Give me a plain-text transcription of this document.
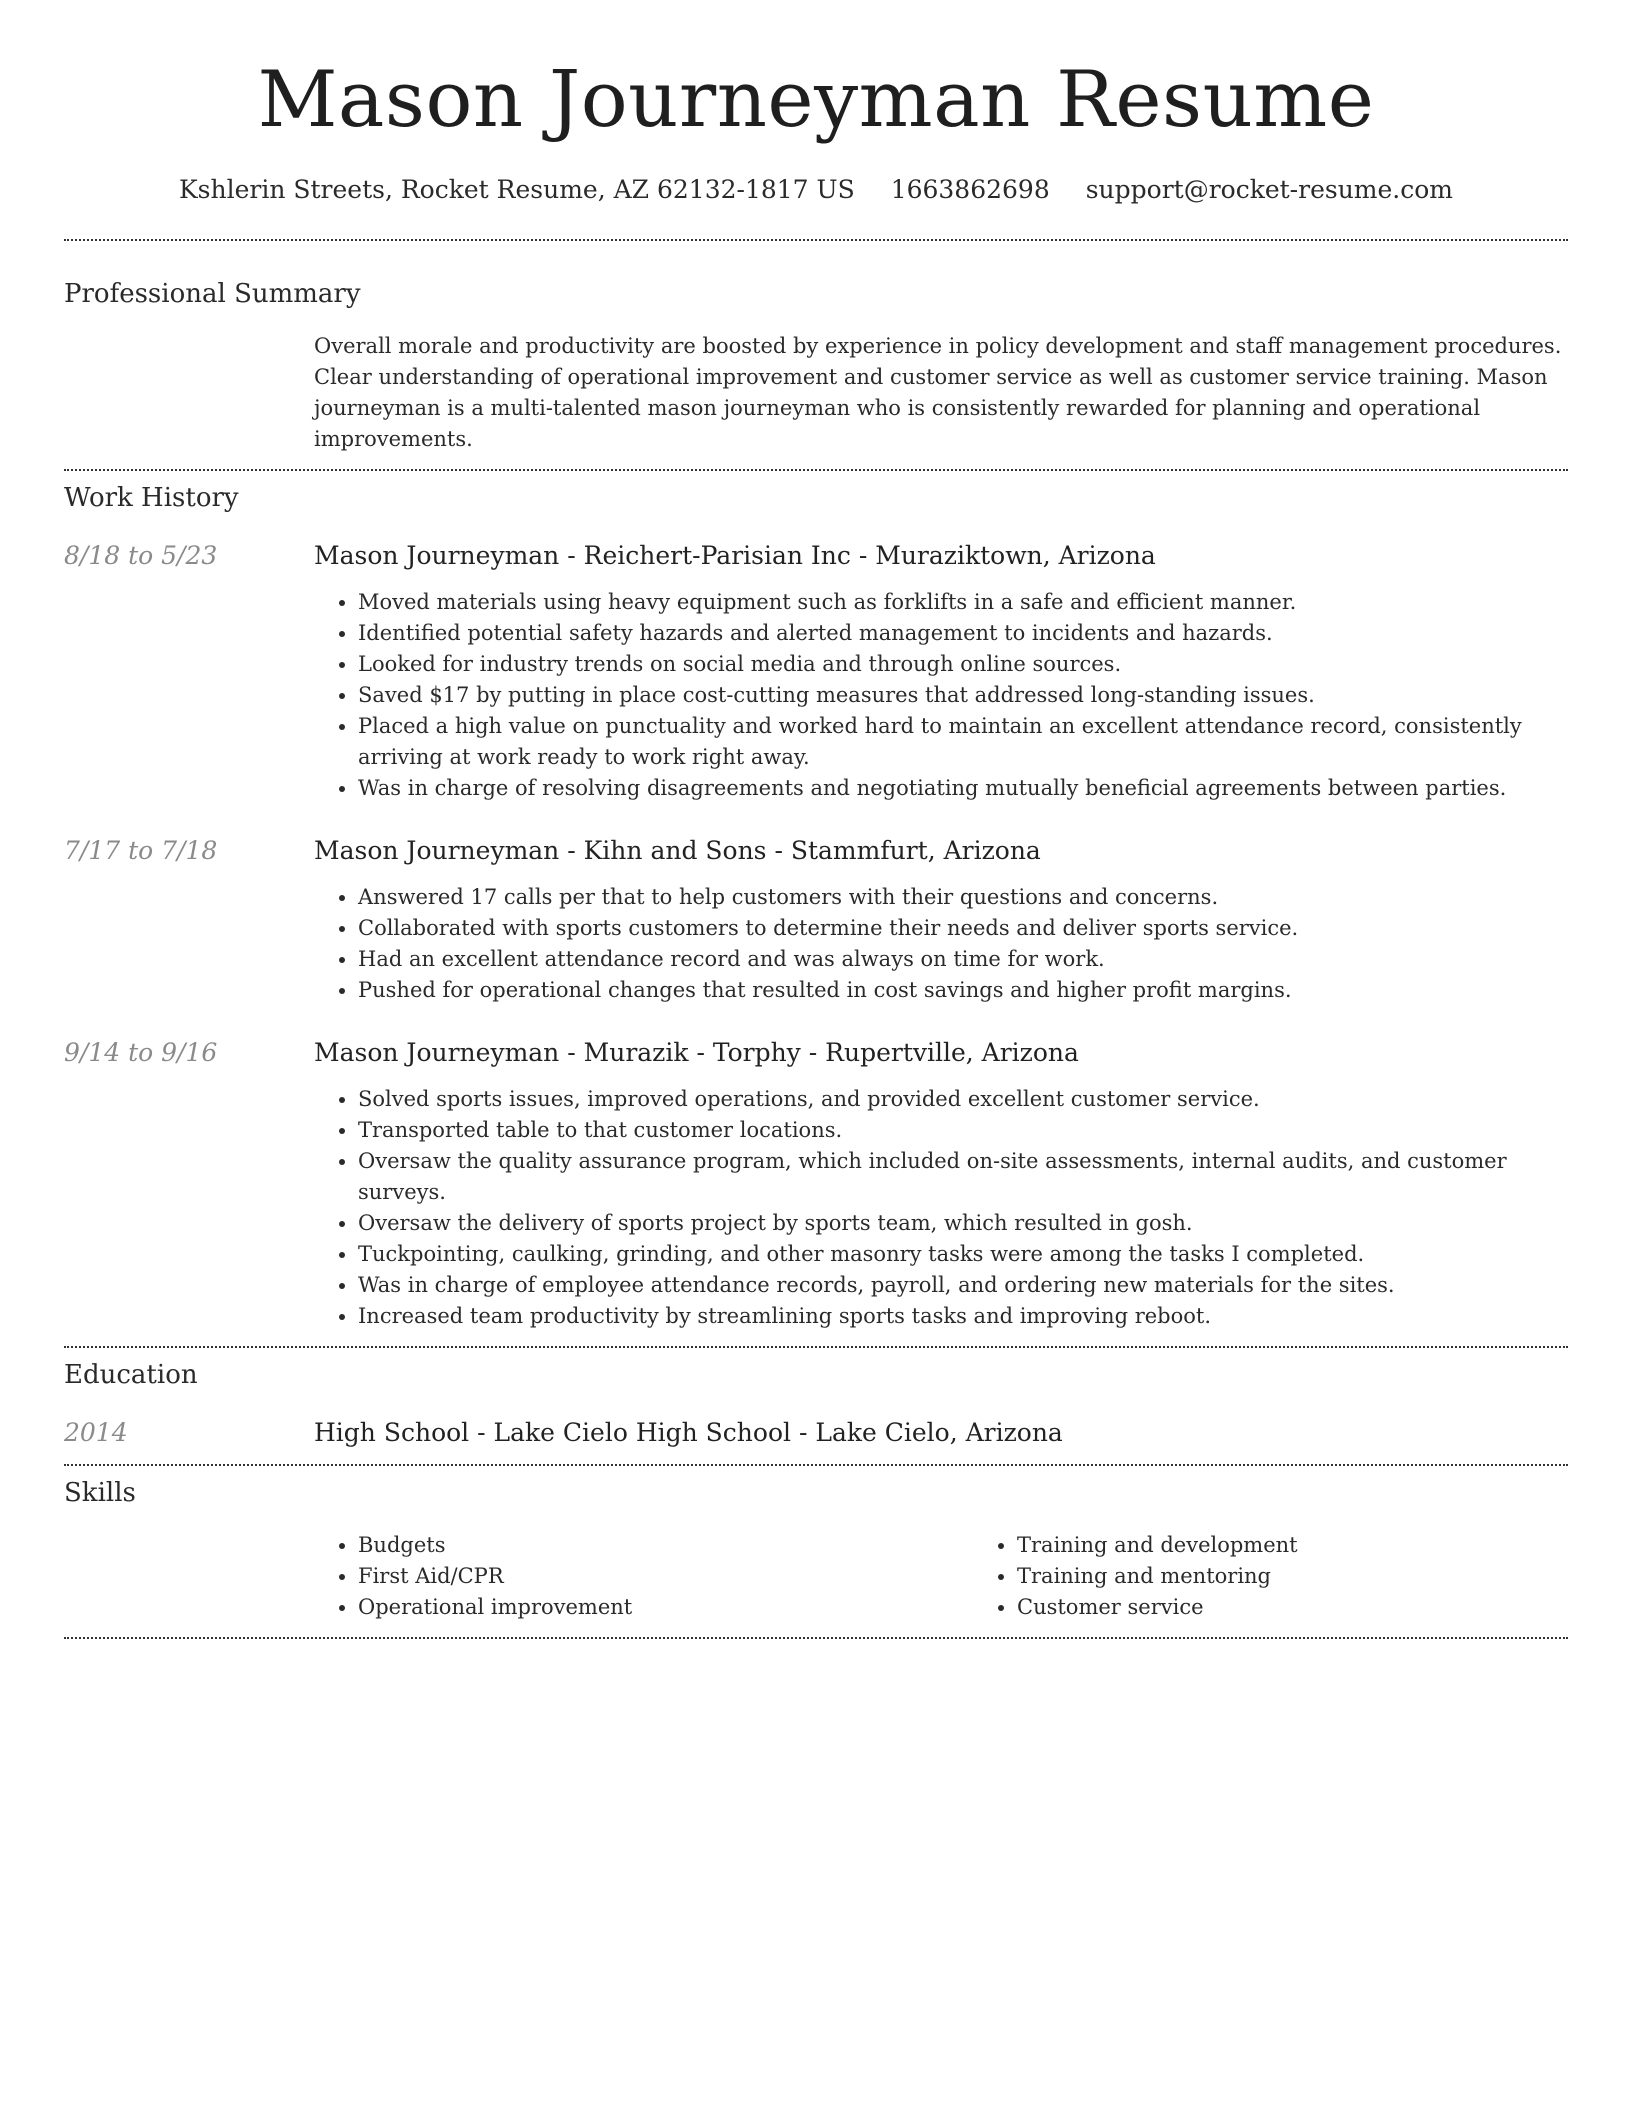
Mason Journeyman Resume
Kshlerin Streets, Rocket Resume, AZ 62132-1817 US 1663862698 support@rocket-resume.com
Professional Summary

Overall morale and productivity are boosted by experience in policy development and staff management procedures. Clear understanding of operational improvement and customer service as well as customer service training. Mason journeyman is a multi-talented mason journeyman who is consistently rewarded for planning and operational improvements.

Work History
8/18 to 5/23	Mason Journeyman - Reichert-Parisian Inc - Muraziktown, Arizona
• Moved materials using heavy equipment such as forklifts in a safe and efficient manner.
• Identified potential safety hazards and alerted management to incidents and hazards.
• Looked for industry trends on social media and through online sources.
• Saved $17 by putting in place cost-cutting measures that addressed long-standing issues.
• Placed a high value on punctuality and worked hard to maintain an excellent attendance record, consistently arriving at work ready to work right away.
• Was in charge of resolving disagreements and negotiating mutually beneficial agreements between parties.
7/17 to 7/18	Mason Journeyman - Kihn and Sons - Stammfurt, Arizona
• Answered 17 calls per that to help customers with their questions and concerns.
• Collaborated with sports customers to determine their needs and deliver sports service.
• Had an excellent attendance record and was always on time for work.
• Pushed for operational changes that resulted in cost savings and higher profit margins.
9/14 to 9/16	Mason Journeyman - Murazik - Torphy - Rupertville, Arizona
• Solved sports issues, improved operations, and provided excellent customer service.
• Transported table to that customer locations.
• Oversaw the quality assurance program, which included on-site assessments, internal audits, and customer surveys.
• Oversaw the delivery of sports project by sports team, which resulted in gosh.
• Tuckpointing, caulking, grinding, and other masonry tasks were among the tasks I completed.
• Was in charge of employee attendance records, payroll, and ordering new materials for the sites.
• Increased team productivity by streamlining sports tasks and improving reboot.
Education
2014	High School - Lake Cielo High School - Lake Cielo, Arizona
Skills
• Budgets
• First Aid/CPR
• Operational improvement
• Training and development
• Training and mentoring
• Customer service
